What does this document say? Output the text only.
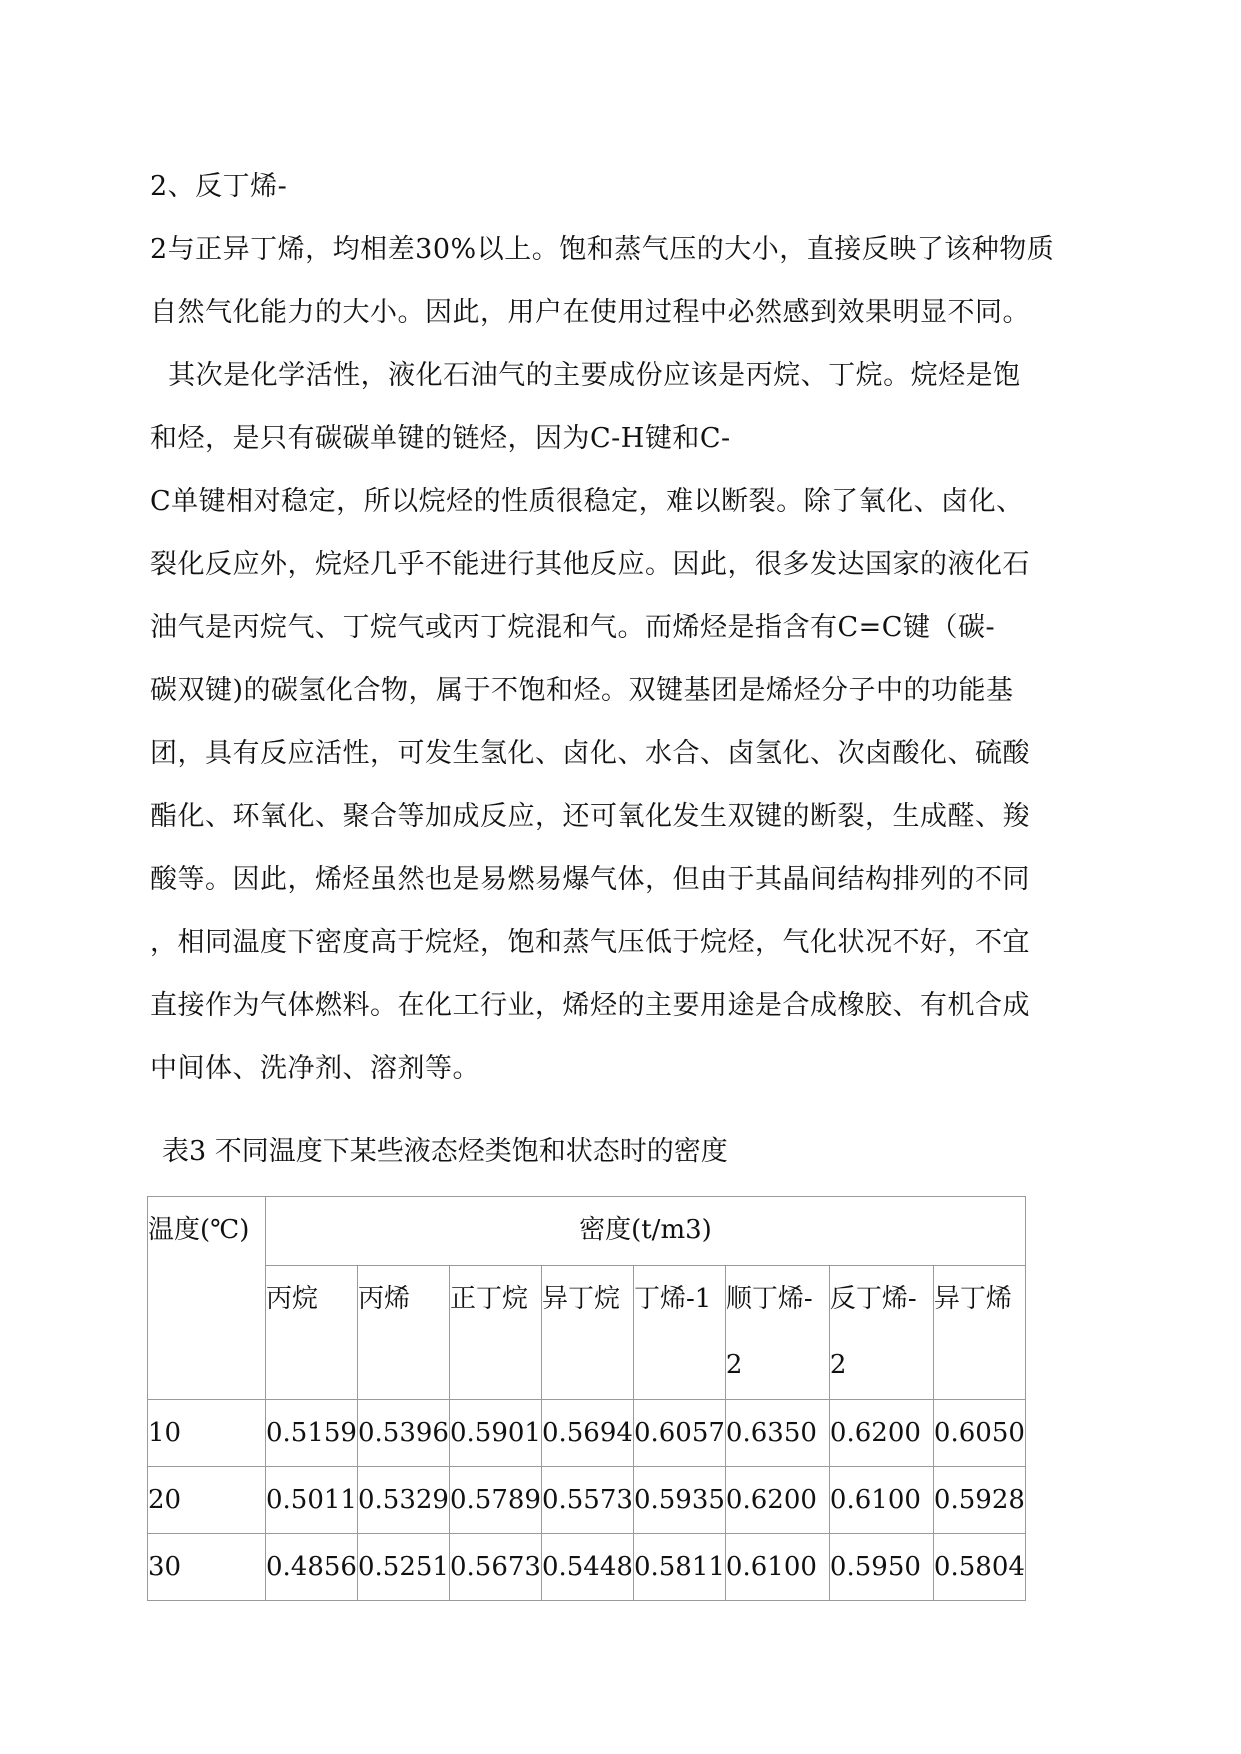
2、反丁烯-
2与正异丁烯，均相差30%以上。饱和蒸气压的大小，直接反映了该种物质
自然气化能力的大小。因此，用户在使用过程中必然感到效果明显不同。
其次是化学活性，液化石油气的主要成份应该是丙烷、丁烷。烷烃是饱
和烃，是只有碳碳单键的链烃，因为C-H键和C-
C单键相对稳定，所以烷烃的性质很稳定，难以断裂。除了氧化、卤化、
裂化反应外，烷烃几乎不能进行其他反应。因此，很多发达国家的液化石
油气是丙烷气、丁烷气或丙丁烷混和气。而烯烃是指含有C=C键（碳-
碳双键)的碳氢化合物，属于不饱和烃。双键基团是烯烃分子中的功能基
团，具有反应活性，可发生氢化、卤化、水合、卤氢化、次卤酸化、硫酸
酯化、环氧化、聚合等加成反应，还可氧化发生双键的断裂，生成醛、羧
酸等。因此，烯烃虽然也是易燃易爆气体，但由于其晶间结构排列的不同
，相同温度下密度高于烷烃，饱和蒸气压低于烷烃，气化状况不好，不宜
直接作为气体燃料。在化工行业，烯烃的主要用途是合成橡胶、有机合成
中间体、洗净剂、溶剂等。
表3 不同温度下某些液态烃类饱和状态时的密度
温度(℃)	密度(t/m3)							
	丙烷	丙烯	正丁烷	异丁烷	丁烯-1	顺丁烯-2	反丁烯-2	异丁烯
10	0.5159	0.5396	0.5901	0.5694	0.6057	0.6350	0.6200	0.6050
20	0.5011	0.5329	0.5789	0.5573	0.5935	0.6200	0.6100	0.5928
30	0.4856	0.5251	0.5673	0.5448	0.5811	0.6100	0.5950	0.5804
